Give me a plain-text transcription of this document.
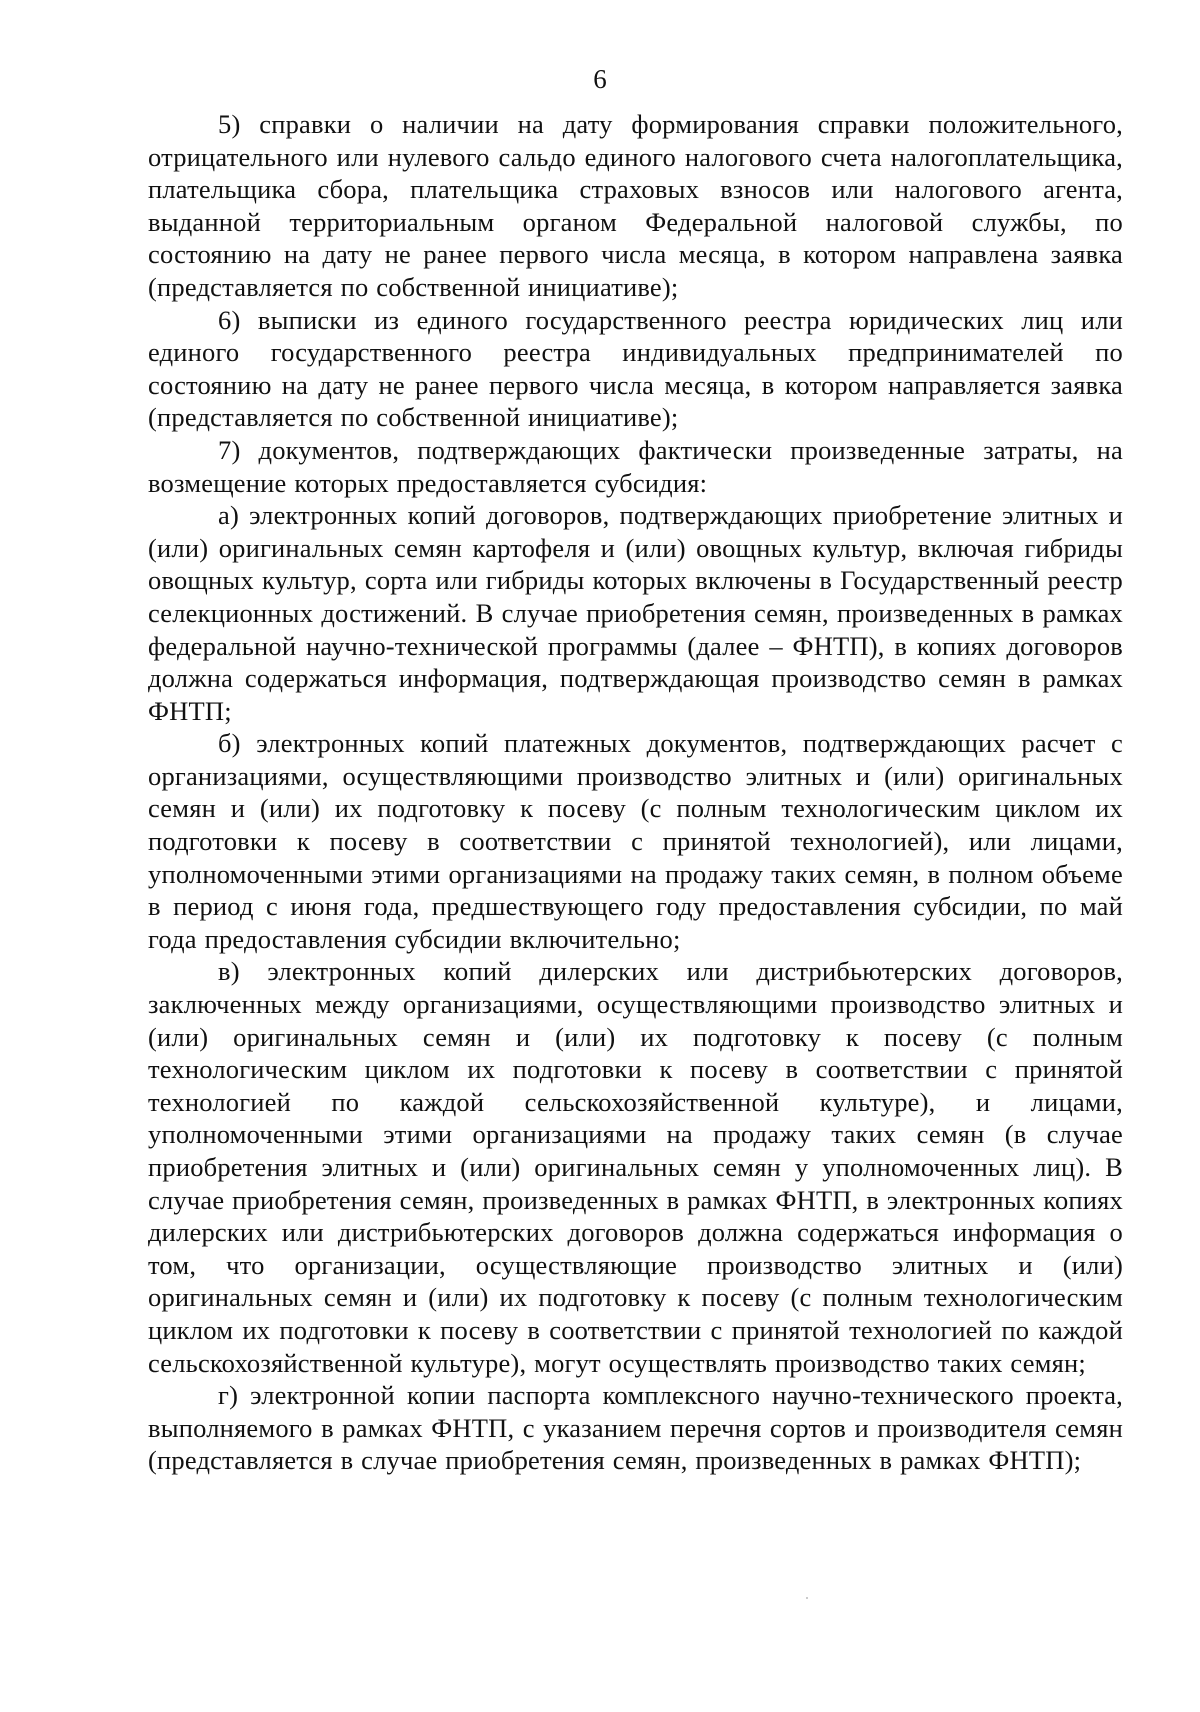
6

5) справки о наличии на дату формирования справки положительного, отрицательного или нулевого сальдо единого налогового счета налогоплательщика, плательщика сбора, плательщика страховых взносов или налогового агента, выданной территориальным органом Федеральной налоговой службы, по состоянию на дату не ранее первого числа месяца, в котором направлена заявка (представляется по собственной инициативе);

6) выписки из единого государственного реестра юридических лиц или единого государственного реестра индивидуальных предпринимателей по состоянию на дату не ранее первого числа месяца, в котором направляется заявка (представляется по собственной инициативе);

7) документов, подтверждающих фактически произведенные затраты, на возмещение которых предоставляется субсидия:

а) электронных копий договоров, подтверждающих приобретение элитных и (или) оригинальных семян картофеля и (или) овощных культур, включая гибриды овощных культур, сорта или гибриды которых включены в Государственный реестр селекционных достижений. В случае приобретения семян, произведенных в рамках федеральной научно-технической программы (далее – ФНТП), в копиях договоров должна содержаться информация, подтверждающая производство семян в рамках ФНТП;

б) электронных копий платежных документов, подтверждающих расчет с организациями, осуществляющими производство элитных и (или) оригинальных семян и (или) их подготовку к посеву (с полным технологическим циклом их подготовки к посеву в соответствии с принятой технологией), или лицами, уполномоченными этими организациями на продажу таких семян, в полном объеме в период с июня года, предшествующего году предоставления субсидии, по май года предоставления субсидии включительно;

в) электронных копий дилерских или дистрибьютерских договоров, заключенных между организациями, осуществляющими производство элитных и (или) оригинальных семян и (или) их подготовку к посеву (с полным технологическим циклом их подготовки к посеву в соответствии с принятой технологией по каждой сельскохозяйственной культуре), и лицами, уполномоченными этими организациями на продажу таких семян (в случае приобретения элитных и (или) оригинальных семян у уполномоченных лиц). В случае приобретения семян, произведенных в рамках ФНТП, в электронных копиях дилерских или дистрибьютерских договоров должна содержаться информация о том, что организации, осуществляющие производство элитных и (или) оригинальных семян и (или) их подготовку к посеву (с полным технологическим циклом их подготовки к посеву в соответствии с принятой технологией по каждой сельскохозяйственной культуре), могут осуществлять производство таких семян;

г) электронной копии паспорта комплексного научно-технического проекта, выполняемого в рамках ФНТП, с указанием перечня сортов и производителя семян (представляется в случае приобретения семян, произведенных в рамках ФНТП);
